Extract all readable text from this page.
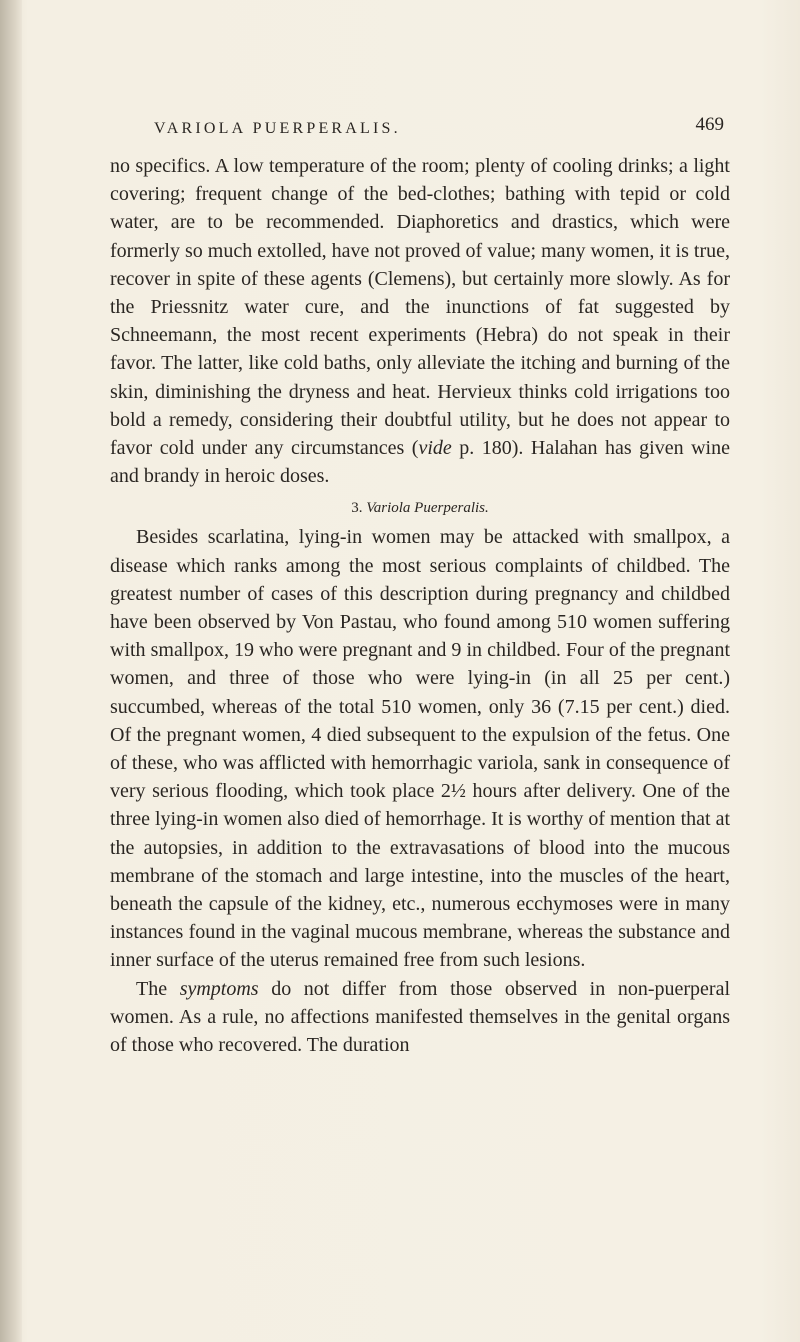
VARIOLA PUERPERALIS.	469

no specifics. A low temperature of the room; plenty of cooling drinks; a light covering; frequent change of the bed-clothes; bathing with tepid or cold water, are to be recommended. Diaphoretics and drastics, which were formerly so much extolled, have not proved of value; many women, it is true, recover in spite of these agents (Clemens), but certainly more slowly. As for the Priessnitz water cure, and the inunctions of fat suggested by Schneemann, the most recent experiments (Hebra) do not speak in their favor. The latter, like cold baths, only alleviate the itching and burning of the skin, diminishing the dryness and heat. Hervieux thinks cold irrigations too bold a remedy, considering their doubtful utility, but he does not appear to favor cold under any circumstances (vide p. 180). Halahan has given wine and brandy in heroic doses.

3. Variola Puerperalis.

Besides scarlatina, lying-in women may be attacked with smallpox, a disease which ranks among the most serious complaints of childbed. The greatest number of cases of this description during pregnancy and childbed have been observed by Von Pastau, who found among 510 women suffering with smallpox, 19 who were pregnant and 9 in childbed. Four of the pregnant women, and three of those who were lying-in (in all 25 per cent.) succumbed, whereas of the total 510 women, only 36 (7.15 per cent.) died. Of the pregnant women, 4 died subsequent to the expulsion of the fetus. One of these, who was afflicted with hemorrhagic variola, sank in consequence of very serious flooding, which took place 2½ hours after delivery. One of the three lying-in women also died of hemorrhage. It is worthy of mention that at the autopsies, in addition to the extravasations of blood into the mucous membrane of the stomach and large intestine, into the muscles of the heart, beneath the capsule of the kidney, etc., numerous ecchymoses were in many instances found in the vaginal mucous membrane, whereas the substance and inner surface of the uterus remained free from such lesions.

The symptoms do not differ from those observed in non-puerperal women. As a rule, no affections manifested themselves in the genital organs of those who recovered. The duration
